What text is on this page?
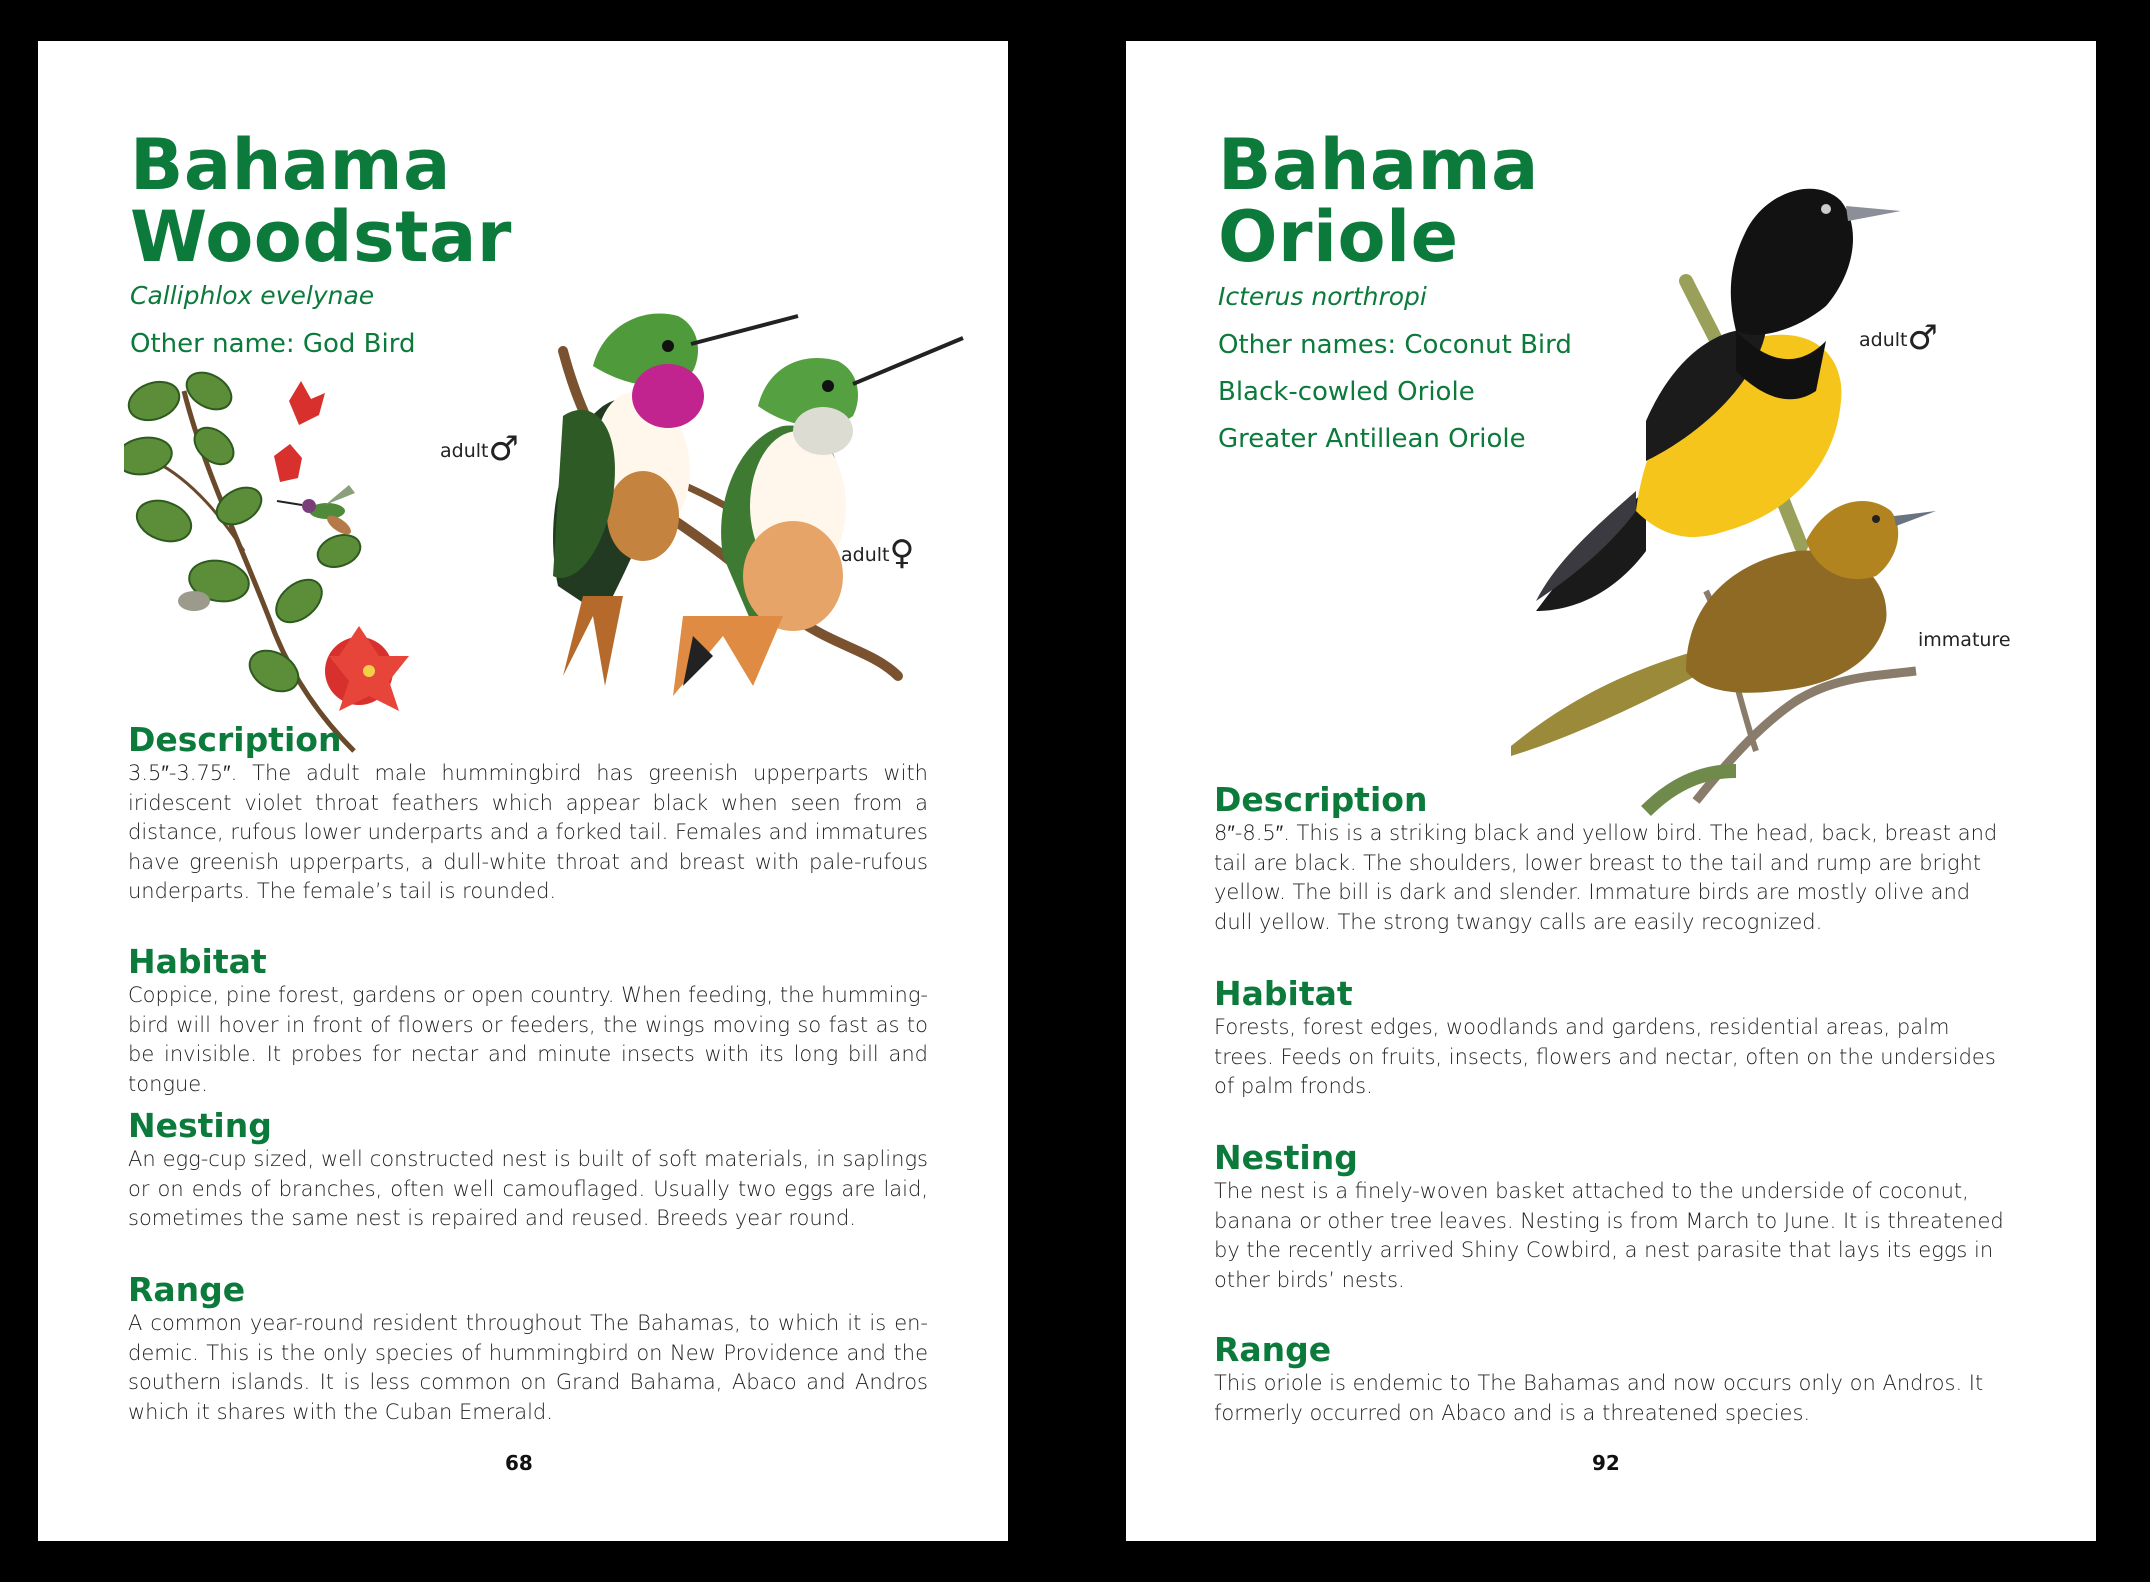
Bahama
Woodstar

Calliphlox evelynae

Other name: God Bird
adult♂
adult♀
Description

3.5″-3.75″. The adult male hummingbird has greenish upperparts with iridescent violet throat feathers which appear black when seen from a distance, rufous lower underparts and a forked tail. Females and immatures have greenish upperparts, a dull-white throat and breast with pale-rufous underparts. The female’s tail is rounded.

Habitat

Coppice, pine forest, gardens or open country. When feeding, the humming-bird will hover in front of flowers or feeders, the wings moving so fast as to be invisible. It probes for nectar and minute insects with its long bill and tongue.

Nesting

An egg-cup sized, well constructed nest is built of soft materials, in saplings or on ends of branches, often well camouflaged. Usually two eggs are laid, sometimes the same nest is repaired and reused. Breeds year round.

Range

A common year-round resident throughout The Bahamas, to which it is en-demic. This is the only species of hummingbird on New Providence and the southern islands. It is less common on Grand Bahama, Abaco and Andros which it shares with the Cuban Emerald.

68
Bahama
Oriole

Icterus northropi

Other names: Coconut Bird
Black-cowled Oriole
Greater Antillean Oriole
adult♂
immature
Description

8″-8.5″. This is a striking black and yellow bird. The head, back, breast and tail are black. The shoulders, lower breast to the tail and rump are bright yellow. The bill is dark and slender. Immature birds are mostly olive and dull yellow. The strong twangy calls are easily recognized.

Habitat

Forests, forest edges, woodlands and gardens, residential areas, palm trees. Feeds on fruits, insects, flowers and nectar, often on the undersides of palm fronds.

Nesting

The nest is a finely-woven basket attached to the underside of coconut, banana or other tree leaves. Nesting is from March to June. It is threatened by the recently arrived Shiny Cowbird, a nest parasite that lays its eggs in other birds’ nests.

Range

This oriole is endemic to The Bahamas and now occurs only on Andros. It formerly occurred on Abaco and is a threatened species.

92
